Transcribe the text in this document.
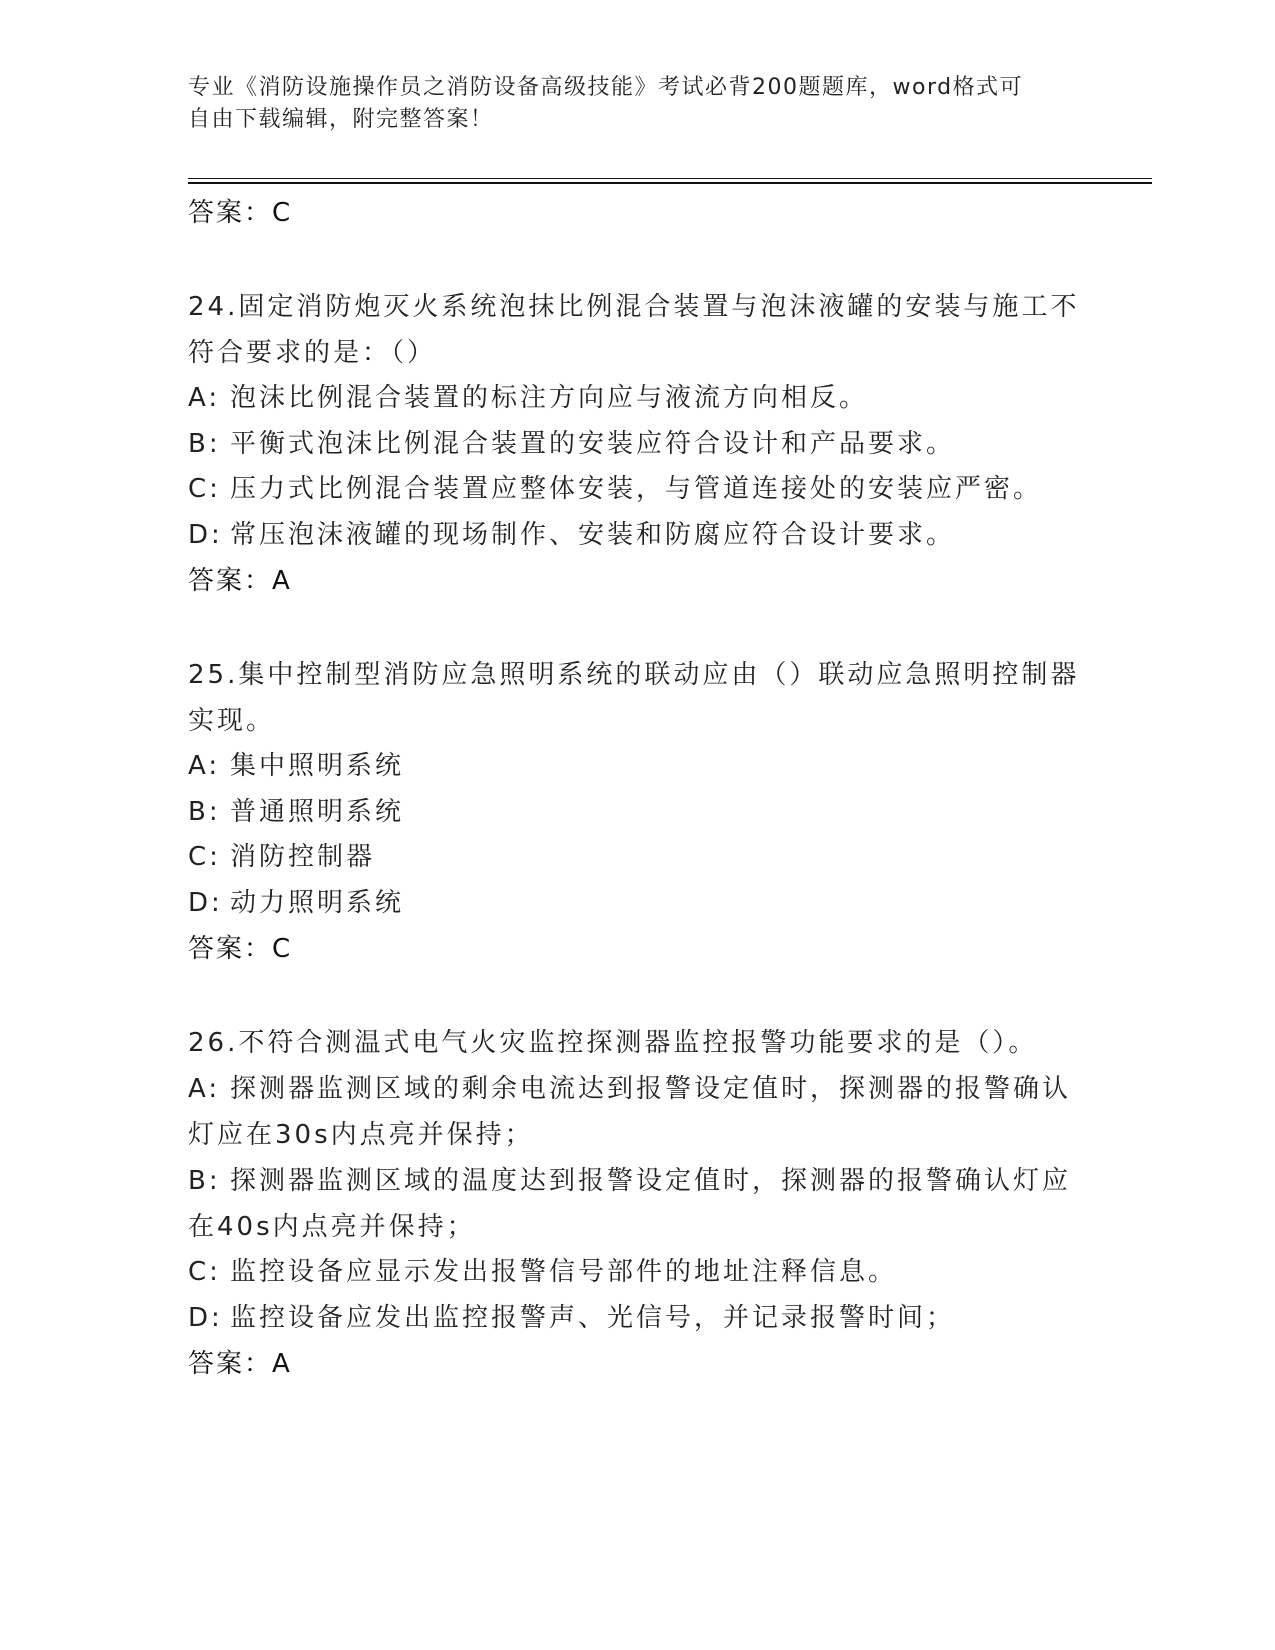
专业《消防设施操作员之消防设备高级技能》考试必背200题题库，word格式可
自由下载编辑，附完整答案！
答案：C
24.固定消防炮灭火系统泡抹比例混合装置与泡沫液罐的安装与施工不
符合要求的是：（）
A: 泡沫比例混合装置的标注方向应与液流方向相反。
B: 平衡式泡沫比例混合装置的安装应符合设计和产品要求。
C: 压力式比例混合装置应整体安装，与管道连接处的安装应严密。
D: 常压泡沫液罐的现场制作、安装和防腐应符合设计要求。
答案：A
25.集中控制型消防应急照明系统的联动应由（）联动应急照明控制器
实现。
A: 集中照明系统
B: 普通照明系统
C: 消防控制器
D: 动力照明系统
答案：C
26.不符合测温式电气火灾监控探测器监控报警功能要求的是（）。
A: 探测器监测区域的剩余电流达到报警设定值时，探测器的报警确认
灯应在30s内点亮并保持；
B: 探测器监测区域的温度达到报警设定值时，探测器的报警确认灯应
在40s内点亮并保持；
C: 监控设备应显示发出报警信号部件的地址注释信息。
D: 监控设备应发出监控报警声、光信号，并记录报警时间；
答案：A
